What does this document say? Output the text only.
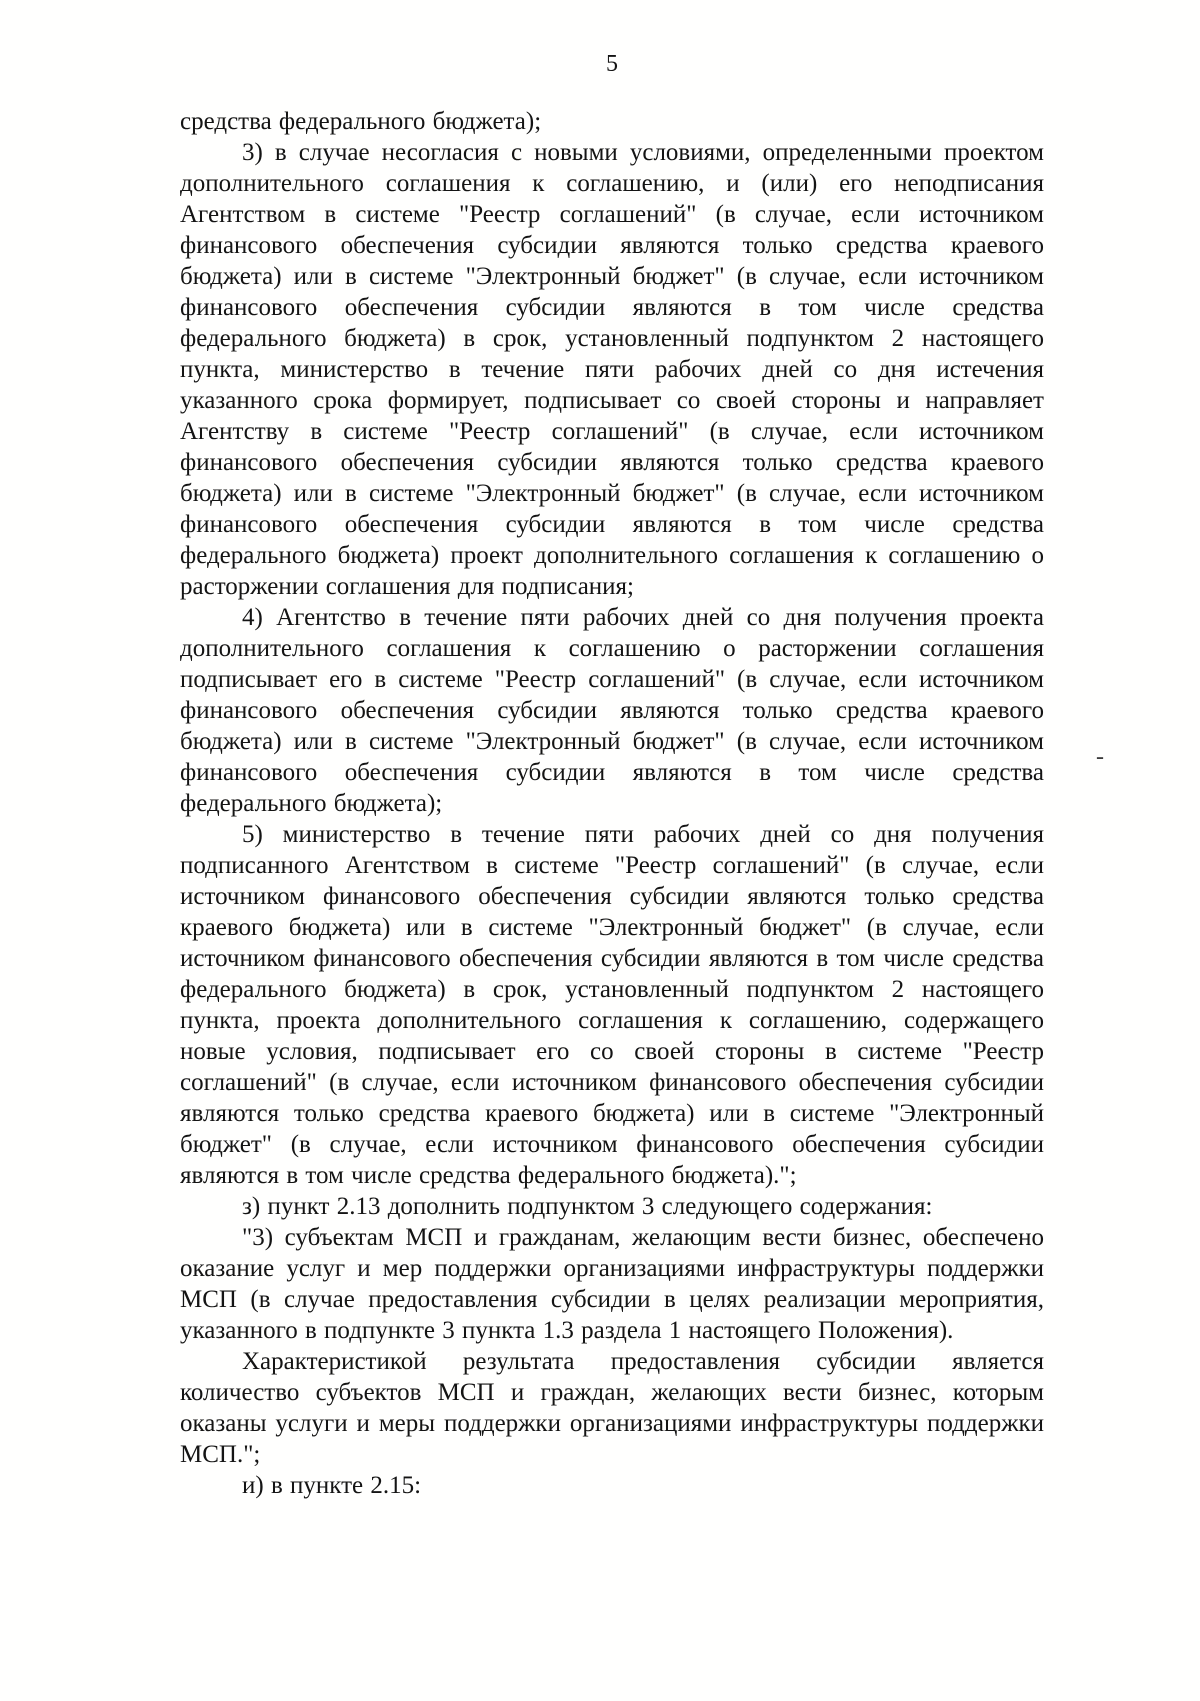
5

средства федерального бюджета);

3) в случае несогласия с новыми условиями, определенными проектом дополнительного соглашения к соглашению, и (или) его неподписания Агентством в системе "Реестр соглашений" (в случае, если источником финансового обеспечения субсидии являются только средства краевого бюджета) или в системе "Электронный бюджет" (в случае, если источником финансового обеспечения субсидии являются в том числе средства федерального бюджета) в срок, установленный подпунктом 2 настоящего пункта, министерство в течение пяти рабочих дней со дня истечения указанного срока формирует, подписывает со своей стороны и направляет Агентству в системе "Реестр соглашений" (в случае, если источником финансового обеспечения субсидии являются только средства краевого бюджета) или в системе "Электронный бюджет" (в случае, если источником финансового обеспечения субсидии являются в том числе средства федерального бюджета) проект дополнительного соглашения к соглашению о расторжении соглашения для подписания;

4) Агентство в течение пяти рабочих дней со дня получения проекта дополнительного соглашения к соглашению о расторжении соглашения подписывает его в системе "Реестр соглашений" (в случае, если источником финансового обеспечения субсидии являются только средства краевого бюджета) или в системе "Электронный бюджет" (в случае, если источником финансового обеспечения субсидии являются в том числе средства федерального бюджета);

5) министерство в течение пяти рабочих дней со дня получения подписанного Агентством в системе "Реестр соглашений" (в случае, если источником финансового обеспечения субсидии являются только средства краевого бюджета) или в системе "Электронный бюджет" (в случае, если источником финансового обеспечения субсидии являются в том числе средства федерального бюджета) в срок, установленный подпунктом 2 настоящего пункта, проекта дополнительного соглашения к соглашению, содержащего новые условия, подписывает его со своей стороны в системе "Реестр соглашений" (в случае, если источником финансового обеспечения субсидии являются только средства краевого бюджета) или в системе "Электронный бюджет" (в случае, если источником финансового обеспечения субсидии являются в том числе средства федерального бюджета).";

з) пункт 2.13 дополнить подпунктом 3 следующего содержания:

"3) субъектам МСП и гражданам, желающим вести бизнес, обеспечено оказание услуг и мер поддержки организациями инфраструктуры поддержки МСП (в случае предоставления субсидии в целях реализации мероприятия, указанного в подпункте 3 пункта 1.3 раздела 1 настоящего Положения).

Характеристикой результата предоставления субсидии является количество субъектов МСП и граждан, желающих вести бизнес, которым оказаны услуги и меры поддержки организациями инфраструктуры поддержки МСП.";

и) в пункте 2.15:

-
